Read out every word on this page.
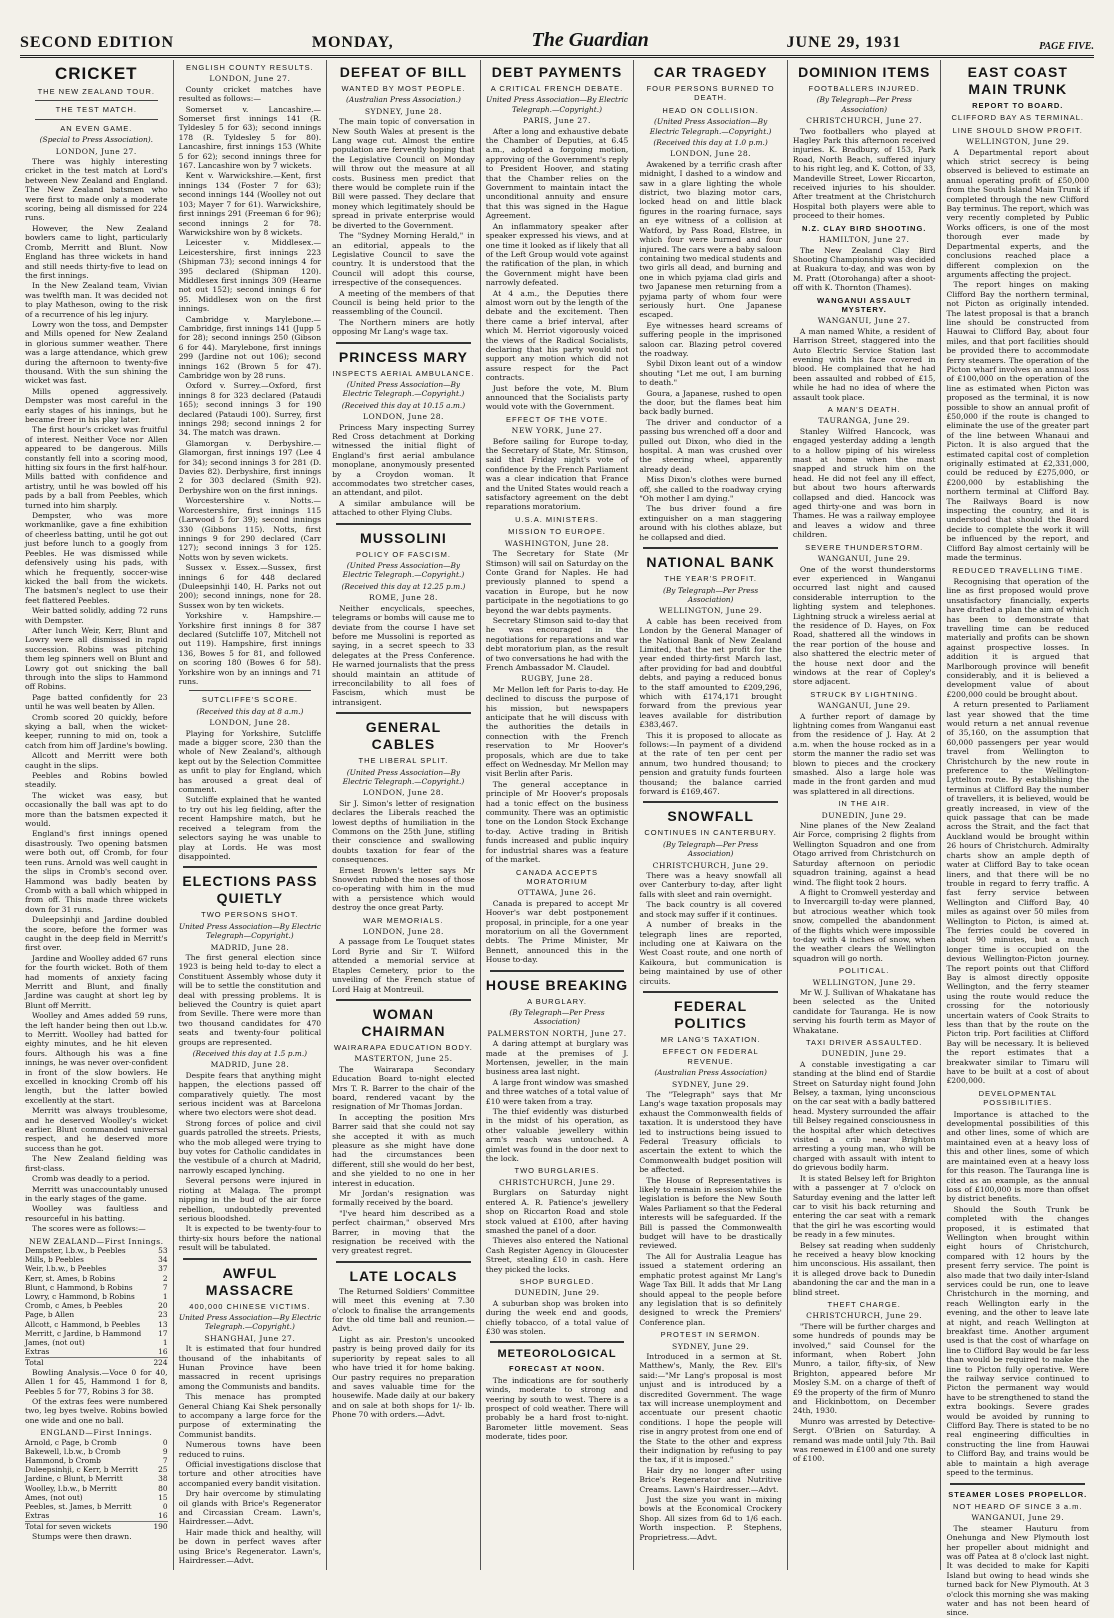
SECOND EDITION	MONDAY,	The Guardian	JUNE 29, 1931	PAGE FIVE.
CRICKET
THE NEW ZEALAND TOUR.
THE TEST MATCH.
AN EVEN GAME.
(Special to Press Association).
LONDON, June 27.

There was highly interesting cricket in the test match at Lord's between New Zealand and England. The New Zealand batsmen who were first to made only a moderate scoring, being all dismissed for 224 runs.

However, the New Zealand bowlers came to light, particularly Cromb, Merritt and Blunt. Now England has three wickets in hand and still needs thirty-five to lead on the first innings.

In the New Zealand team, Vivian was twelfth man. It was decided not to play Matheson, owing to the risk of a recurrence of his leg injury.

Lowry won the toss, and Dempster and Mills opened for New Zealand in glorious summer weather. There was a large attendance, which grew during the afternoon to twenty-five thousand. With the sun shining the wicket was fast.

Mills opened aggressively. Dempster was most careful in the early stages of his innings, but he became freer in his play later.

The first hour's cricket was fruitful of interest. Neither Voce nor Allen appeared to be dangerous. Mills constantly fell into a scoring mood, hitting six fours in the first half-hour. Mills batted with confidence and artistry, until he was bowled off his pads by a ball from Peebles, which turned into him sharply.

Dempster, who was more workmanlike, gave a fine exhibition of cheerless batting, until he got out just before lunch to a googly from Peebles. He was dismissed while defensively using his pads, with which he frequently, soccer-wise kicked the ball from the wickets. The batsmen's neglect to use their feet flattered Peebles.

Weir batted solidly, adding 72 runs with Dempster.

After lunch Weir, Kerr, Blunt and Lowry were all dismissed in rapid succession. Robins was pitching them leg spinners well on Blunt and Lowry got out snicking the ball through into the slips to Hammond off Robins.

Page batted confidently for 23 until he was well beaten by Allen.

Cromb scored 20 quickly, before skying a ball, when the wicket-keeper, running to mid on, took a catch from him off Jardine's bowling.

Allcott and Merritt were both caught in the slips.

Peebles and Robins bowled steadily.

The wicket was easy, but occasionally the ball was apt to do more than the batsmen expected it would.

England's first innings opened disastrously. Two opening batsmen were both out, off Cromb, for four teen runs. Arnold was well caught in the slips in Cromb's second over. Hammond was badly beaten by Cromb with a ball which whipped in from off. This made three wickets down for 31 runs.

Duleepsinhji and Jardine doubled the score, before the former was caught in the deep field in Merritt's first over.

Jardine and Woolley added 67 runs for the fourth wicket. Both of them had moments of anxiety facing Merritt and Blunt, and finally Jardine was caught at short leg by Blunt off Merritt.

Woolley and Ames added 59 runs, the left hander being then out l.b.w. to Merritt. Woolley had batted for eighty minutes, and he hit eleven fours. Although his was a fine innings, he was never over-confident in front of the slow bowlers. He excelled in knocking Cromb off his length, but the latter bowled excellently at the start.

Merritt was always troublesome, and he deserved Woolley's wicket earlier. Blunt commanded universal respect, and he deserved more success than he got.

The New Zealand fielding was first-class.

Cromb was deadly to a period.

Merritt was unaccountably unused in the early stages of the game.

Woolley was faultless and resourceful in his batting.

The scores were as follows:—

NEW ZEALAND—First Innings.
Dempster, l.b.w., b Peebles	53
Mills, b Peebles	34
Weir, l.b.w., b Peebles	37
Kerr, st. Ames, b Robins	2
Blunt, c Hammond, b Robins	7
Lowry, c Hammond, b Robins	1
Cromb, c Ames, b Peebles	20
Page, b Allen	23
Allcott, c Hammond, b Peebles 13
Merritt, c Jardine, b Hammond 17
James, (not out)	1
Extras	16
Total	224

Bowling Analysis.—Voce 0 for 40, Allen 1 for 45, Hammond 1 for 8, Peebles 5 for 77, Robins 3 for 38.

Of the extras fees were numbered two, leg byes twelve. Robins bowled one wide and one no ball.

ENGLAND—First Innings.
Arnold, c Page, b Cromb	0
Bakewell, l.b.w., b Cromb	9
Hammond, b Cromb	7
Duleepsinhji, c Kerr, b Merritt	25
Jardine, c Blunt, b Merritt	38
Woolley, l.b.w., b Merritt	80
Ames, (not out)	15
Peebles, st. James, b Merritt	0
Extras	16
Total for seven wickets	190

Stumps were then drawn.

ENGLISH COUNTY RESULTS.
LONDON, June 27.

County cricket matches have resulted as follows:—

Somerset v. Lancashire.—Somerset first innings 141 (R. Tyldesley 5 for 63); second innings 178 (R. Tyldesley 5 for 80). Lancashire, first innings 153 (White 5 for 62); second innings three for 167. Lancashire won by 7 wickets.

Kent v. Warwickshire.—Kent, first innings 134 (Foster 7 for 63); second innings 144 (Woolley not out 103; Mayer 7 for 61). Warwickshire, first innings 291 (Freeman 6 for 96); second innings 2 for 78. Warwickshire won by 8 wickets.

Leicester v. Middlesex.—Leicestershire, first innings 223 (Shipman 73); second innings 4 for 395 declared (Shipman 120). Middlesex first innings 309 (Hearne not out 152); second innings 6 for 95. Middlesex won on the first innings.

Cambridge v. Marylebone.—Cambridge, first innings 141 (Jupp 5 for 28); second innings 250 (Gibson 6 for 44). Marylebone, first innings 299 (Jardine not out 106); second innings 162 (Brown 5 for 47). Cambridge won by 28 runs.

Oxford v. Surrey.—Oxford, first innings 8 for 323 declared (Pataudi 165); second innings 3 for 190 declared (Pataudi 100). Surrey, first innings 298; second innings 2 for 34. The match was drawn.

Glamorgan v. Derbyshire.—Glamorgan, first innings 197 (Lee 4 for 34); second innings 3 for 281 (D. Davies 82). Derbyshire, first innings 2 for 303 declared (Smith 92). Derbyshire won on the first innings.

Worcestershire v. Notts.—Worcestershire, first innings 115 (Larwood 5 for 39); second innings 330 (Gibbons 115). Notts, first innings 9 for 290 declared (Carr 127); second innings 3 for 125. Notts won by seven wickets.

Sussex v. Essex.—Sussex, first innings 6 for 448 declared (Duleepsinhji 140, H. Parks not out 200); second innings, none for 28. Sussex won by ten wickets.

Yorkshire v. Hampshire.—Yorkshire first innings 8 for 387 declared (Sutcliffe 107, Mitchell not out 119). Hampshire, first innings 136, Bowes 5 for 81, and followed on scoring 180 (Bowes 6 for 58). Yorkshire won by an innings and 71 runs.

SUTCLIFFE'S SCORE.
(Received this day at 8 a.m.)
LONDON, June 28.

Playing for Yorkshire, Sutcliffe made a bigger score, 230 than the whole of New Zealand's, although kept out by the Selection Committee as unfit to play for England, which has aroused a great deal of comment.

Sutcliffe explained that he wanted to try out his leg fielding, after the recent Hampshire match, but he received a telegram from the selectors saying he was unable to play at Lords. He was most disappointed.

ELECTIONS PASS QUIETLY
TWO PERSONS SHOT.
United Press Association—By Electric Telegraph—Copyright.)
MADRID, June 28.

The first general election since 1923 is being held to-day to elect a Constituent Assembly whose duty it will be to settle the constitution and deal with pressing problems. It is believed the Country is quiet apart from Seville. There were more than two thousand candidates for 470 seats and twenty-four political groups are represented.

(Received this day at 1.5 p.m.)
MADRID, June 28.

Despite fears that anything might happen, the elections passed off comparatively quietly. The most serious incident was at Barcelona where two electors were shot dead.

Strong forces of police and civil guards patrolled the streets. Priests, who the mob alleged were trying to buy votes for Catholic candidates in the vestibule of a church at Madrid, narrowly escaped lynching.

Several persons were injured in rioting at Malaga. The prompt nipping in the bud of the air force rebellion, undoubtedly prevented serious bloodshed.

It is expected to be twenty-four to thirty-six hours before the national result will be tabulated.

AWFUL MASSACRE
400,000 CHINESE VICTIMS.
United Press Association—By Electric Telegraph.—Copyright.)
SHANGHAI, June 27.

It is estimated that four hundred thousand of the inhabitants of Hunan Province have been massacred in recent uprisings among the Communists and bandits.

This menace has prompted General Chiang Kai Shek personally to accompany a large force for the purpose of exterminating the Communist bandits.

Numerous towns have been reduced to ruins.

Official investigations disclose that torture and other atrocities have accompanied every bandit visitation.

Dry hair overcome by stimulating oil glands with Brice's Regenerator and Circassian Cream. Lawn's, Hairdresser.—Advt.

Hair made thick and healthy, will be down in perfect waves after using Brice's Regenerator. Lawn's, Hairdresser.—Advt.

DEFEAT OF BILL
WANTED BY MOST PEOPLE.
(Australian Press Association.)
SYDNEY, June 28.

The main topic of conversation in New South Wales at present is the Lang wage cut. Almost the entire population are fervently hoping that the Legislative Council on Monday will throw out the measure at all costs. Business men predict that there would be complete ruin if the Bill were passed. They declare that money which legitimately should be spread in private enterprise would be diverted to the Government.

The "Sydney Morning Herald," in an editorial, appeals to the Legislative Council to save the country. It is understood that the Council will adopt this course, irrespective of the consequences.

A meeting of the members of that Council is being held prior to the reassembling of the Council.

The Northern miners are hotly opposing Mr Lang's wage tax.

PRINCESS MARY
INSPECTS AERIAL AMBULANCE.
(United Press Association—By Electric Telegraph.—Copyright.)
(Received this day at 10.15 a.m.)
LONDON, June 28.

Princess Mary inspecting Surrey Red Cross detachment at Dorking witnessed the initial flight of England's first aerial ambulance monoplane, anonymously presented by a Croydon woman. It accommodates two stretcher cases, an attendant, and pilot.

A similar ambulance will be attached to other Flying Clubs.

MUSSOLINI
POLICY OF FASCISM.
(United Press Association—By Electric Telegraph.—Copyright.)
(Received this day at 12.25 p.m.)
ROME, June 28.

Neither encyclicals, speeches, telegrams or bombs will cause me to deviate from the course I have set before me Mussolini is reported as saying, in a secret speech to 33 delegates at the Press Conference. He warned journalists that the press should maintain an attitude of irreconcilability to all foes of Fascism, which must be intransigent.

GENERAL CABLES
THE LIBERAL SPLIT.
(United Press Association—By Electric Telegraph.—Copyright.)
LONDON, June 28.

Sir J. Simon's letter of resignation declares the Liberals reached the lowest depths of humiliation in the Commons on the 25th June, stifling their conscience and swallowing doubts taxation for fear of the consequences.

Ernest Brown's letter says Mr Snowden rubbed the noses of those co-operating with him in the mud with a persistence which would destroy the once great Party.

WAR MEMORIALS.
LONDON, June 28.

A passage from Le Touquet states Lord Byrie and Sir T. Wilford attended a memorial service at Etaples Cemetery, prior to the unveiling of the French statue of Lord Haig at Montreuil.

WOMAN CHAIRMAN
WAIRARAPA EDUCATION BODY.
MASTERTON, June 25.

The Wairarapa Secondary Education Board to-night elected Mrs T. R. Barrer to the chair of the board, rendered vacant by the resignation of Mr Thomas Jordan.

In accepting the position Mrs Barrer said that she could not say she accepted it with as much pleasure as she might have done had the circumstances been different, still she would do her best, and she yielded to no one in her interest in education.

Mr Jordan's resignation was formally received by the board.

"I've heard him described as a perfect chairman," observed Mrs Barrer, in moving that the resignation be received with the very greatest regret.

LATE LOCALS

The Returned Soldiers' Committee will meet this evening at 7.30 o'clock to finalise the arrangements for the old time ball and reunion.—Advt.

Light as air. Preston's uncooked pastry is being proved daily for its superiority by repeat sales to all who have tried it for home baking. Our pastry requires no preparation and saves valuable time for the housewife. Made daily at our bakery and on sale at both shops for 1/- lb. Phone 70 with orders.—Advt.

DEBT PAYMENTS
A CRITICAL FRENCH DEBATE.
United Press Association—By Electric Telegraph.—Copyright.)
PARIS, June 27.

After a long and exhaustive debate the Chamber of Deputies, at 6.45 a.m., adopted a forgoing motion, approving of the Government's reply to President Hoover, and stating that the Chamber relies on the Government to maintain intact the unconditional annuity and ensure that this was signed in the Hague Agreement.

An inflammatory speaker after speaker expressed his views, and at one time it looked as if likely that all of the Left Group would vote against the ratification of the plan, in which the Government might have been narrowly defeated.

At 4 a.m., the Deputies there almost worn out by the length of the debate and the excitement. Then there came a brief interval, after which M. Herriot vigorously voiced the views of the Radical Socialists, declaring that his party would not support any motion which did not assure respect for the Pact contracts.

Just before the vote, M. Blum announced that the Socialists party would vote with the Government.

EFFECT OF THE VOTE.
NEW YORK, June 27.

Before sailing for Europe to-day, the Secretary of State, Mr. Stimson, said that Friday night's vote of confidence by the French Parliament was a clear indication that France and the United States would reach a satisfactory agreement on the debt reparations moratorium.

U.S.A. MINISTERS.
MISSION TO EUROPE.
WASHINGTON, June 28.

The Secretary for State (Mr Stimson) will sail on Saturday on the Conte Grand for Naples. He had previously planned to spend a vacation in Europe, but he now participate in the negotiations to go beyond the war debts payments.

Secretary Stimson said to-day that he was encouraged in the negotiations for reparations and war debt moratorium plan, as the result of two conversations he had with the French Ambassador M. Claudel.

RUGBY, June 28.

Mr Mellon left for Paris to-day. He declined to discuss the purpose of his mission, but newspapers anticipate that he will discuss with the authorities the details in connection with the French reservation to Mr Hoover's proposals, which are due to take effect on Wednesday. Mr Mellon may visit Berlin after Paris.

The general acceptance in principle of Mr Hoover's proposals had a tonic effect on the business community. There was an optimistic tone on the London Stock Exchange to-day. Active trading in British funds increased and public inquiry for industrial shares was a feature of the market.

CANADA ACCEPTS MORATORIUM
OTTAWA, June 26.

Canada is prepared to accept Mr Hoover's war debt postponement proposal, in principle, for a one year moratorium on all the Government debts. The Prime Minister, Mr Bennett, announced this in the House to-day.

HOUSE BREAKING
A BURGLARY.
(By Telegraph—Per Press Association)
PALMERSTON NORTH, June 27.

A daring attempt at burglary was made at the premises of J. Mortensen, jeweller, in the main business area last night.

A large front window was smashed and three watches of a total value of £10 were taken from a tray.

The thief evidently was disturbed in the midst of his operation, as other valuable jewellery within arm's reach was untouched. A gimlet was found in the door next to the lock.

TWO BURGLARIES.
CHRISTCHURCH, June 29.

Burglars on Saturday night entered A. R. Patience's jewellery shop on Riccarton Road and stole stock valued at £100, after having smashed the panel of a door.

Thieves also entered the National Cash Register Agency in Gloucester Street, stealing £10 in cash. Here they picked the locks.

SHOP BURGLED.
DUNEDIN, June 29.

A suburban shop was broken into during the week end and goods, chiefly tobacco, of a total value of £30 was stolen.

METEOROLOGICAL
FORECAST AT NOON.

The indications are for southerly winds, moderate to strong and veering by south to west. There is a prospect of cold weather. There will probably be a hard frost to-night. Barometer little movement. Seas moderate, tides poor.

CAR TRAGEDY
FOUR PERSONS BURNED TO DEATH.
HEAD ON COLLISION.
(United Press Association—By Electric Telegraph.—Copyright.)
(Received this day at 1.0 p.m.)
LONDON, June 28.

Awakened by a terrific crash after midnight, I dashed to a window and saw in a glare lighting the whole district, two blazing motor cars, locked head on and little black figures in the roaring furnace, says an eye witness of a collision at Watford, by Pass Road, Elstree, in which four were burned and four injured. The cars were a baby saloon containing two medical students and two girls all dead, and burning and one in which pyjama clad girls and two Japanese men returning from a pyjama party of whom four were seriously hurt. One Japanese escaped.

Eye witnesses heard screams of suffering people in the imprisoned saloon car. Blazing petrol covered the roadway.

Sybil Dixon leant out of a window shouting "Let me out, I am burning to death."

Goura, a Japanese, rushed to open the door, but the flames beat him back badly burned.

The driver and conductor of a passing bus wrenched off a door and pulled out Dixon, who died in the hospital. A man was crushed over the steering wheel, apparently already dead.

Miss Dixon's clothes were burned off, she called to the roadway crying "Oh mother I am dying."

The bus driver found a fire extinguisher on a man staggering around with his clothes ablaze, but he collapsed and died.

NATIONAL BANK
THE YEAR'S PROFIT.
(By Telegraph—Per Press Association)
WELLINGTON, June 29.

A cable has been received from London by the General Manager of the National Bank of New Zealand Limited, that the net profit for the year ended thirty-first March last, after providing for bad and doubtful debts, and paying a reduced bonus to the staff amounted to £209,296, which with £174,171 brought forward from the previous year leaves available for distribution £383,467.

This it is proposed to allocate as follows:—In payment of a dividend at the rate of ten per cent per annum, two hundred thousand; to pension and gratuity funds fourteen thousand; the balance carried forward is £169,467.

SNOWFALL
CONTINUES IN CANTERBURY.
(By Telegraph—Per Press Association)
CHRISTCHURCH, June 29.

There was a heavy snowfall all over Canterbury to-day, after light falls with sleet and rain overnight.

The back country is all covered and stock may suffer if it continues.

A number of breaks in the telegraph lines are reported, including one at Kaiwara on the West Coast route, and one north of Kaikoura, but communication is being maintained by use of other circuits.

FEDERAL POLITICS
MR LANG'S TAXATION.
EFFECT ON FEDERAL REVENUE.
(Australian Press Association)
SYDNEY, June 29.

The "Telegraph" says that Mr Lang's wage taxation proposals may exhaust the Commonwealth fields of taxation. It is understood they have led to instructions being issued to Federal Treasury officials to ascertain the extent to which the Commonwealth budget position will be affected.

The House of Representatives is likely to remain in session while the legislation is before the New South Wales Parliament so that the Federal interests will be safeguarded. If the Bill is passed the Commonwealth budget will have to be drastically reviewed.

The All for Australia League has issued a statement ordering an emphatic protest against Mr Lang's Wage Tax Bill. It adds that Mr Lang should appeal to the people before any legislation that is so definitely designed to wreck the Premiers' Conference plan.

PROTEST IN SERMON.
SYDNEY, June 29.

Introduced in a sermon at St. Matthew's, Manly, the Rev. Ell's said:—"Mr Lang's proposal is most unjust and is introduced by a discredited Government. The wage tax will increase unemployment and accentuate our present chaotic conditions. I hope the people will rise in angry protest from one end of the State to the other and express their indignation by refusing to pay the tax, if it is imposed."

Hair dry no longer after using Brice's Regenerator and Nutritive Creams. Lawn's Hairdresser.—Advt.

Just the size you want in mixing bowls at the Economical Crockery Shop. All sizes from 6d to 1/6 each. Worth inspection. P. Stephens, Proprietress.—Advt.

DOMINION ITEMS
FOOTBALLERS INJURED.
(By Telegraph—Per Press Association)
CHRISTCHURCH, June 27.

Two footballers who played at Hagley Park this afternoon received injuries. K. Bradbury, of 153, Park Road, North Beach, suffered injury to his right leg, and K. Cotton, of 33, Mandeville Street, Lower Riccarton, received injuries to his shoulder. After treatment at the Christchurch Hospital both players were able to proceed to their homes.

N.Z. CLAY BIRD SHOOTING.
HAMILTON, June 27.

The New Zealand Clay Bird Shooting Championship was decided at Ruakura to-day, and was won by M. Pratt (Otorohanga) after a shoot-off with K. Thornton (Thames).

WANGANUI ASSAULT MYSTERY.
WANGANUI, June 27.

A man named White, a resident of Harrison Street, staggered into the Auto Electric Service Station last evening with his face covered in blood. He complained that he had been assaulted and robbed of £15, while he had no idea of where the assault took place.

A MAN'S DEATH.
TAURANGA, June 29.

Stanley Wilfred Hancock, was engaged yesterday adding a length to a hollow piping of his wireless mast at home when the mast snapped and struck him on the head. He did not feel any ill effect, but about two hours afterwards collapsed and died. Hancock was aged thirty-one and was born in Thames. He was a railway employee and leaves a widow and three children.

SEVERE THUNDERSTORM.
WANGANUI, June 29.

One of the worst thunderstorms ever experienced in Wanganui occurred last night and caused considerable interruption to the lighting system and telephones. Lightning struck a wireless aerial at the residence of D. Hayes, on Fox Road, shattered all the windows in the rear portion of the house and also shattered the electric meter of the house next door and the windows at the rear of Copley's store adjacent.

STRUCK BY LIGHTNING.
WANGANUI, June 29.

A further report of damage by lightning comes from Wanganui east from the residence of J. Hay. At 2 a.m. when the house rocked as in a storm the manner the radio set was blown to pieces and the crockery smashed. Also a large hole was made in the front garden and mud was splattered in all directions.

IN THE AIR.
DUNEDIN, June 29.

Nine planes of the New Zealand Air Force, comprising 2 flights from Wellington Squadron and one from Otago arrived from Christchurch on Saturday afternoon on periodic squadron training, against a head wind. The flight took 2 hours.

A flight to Cromwell yesterday and to Invercargill to-day were planned, but atrocious weather which took snow, compelled the abandonment of the flights which were impossible to-day with 4 inches of snow, when the weather clears the Wellington squadron will go north.

POLITICAL.
WELLINGTON, June 29.

Mr W. J. Sullivan of Whakatane has been selected as the United candidate for Tauranga. He is now serving his fourth term as Mayor of Whakatane.

TAXI DRIVER ASSAULTED.
DUNEDIN, June 29.

A constable investigating a car standing at the blind end of Stardie Street on Saturday night found John Belsey, a taxman, lying unconscious on the car seat with a badly battered head. Mystery surrounded the affair till Belsey regained consciousness in the hospital after which detectives visited a crib near Brighton arresting a young man, who will be charged with assault with intent to do grievous bodily harm.

It is stated Belsey left for Brighton with a passenger at 7 o'clock on Saturday evening and the latter left car to visit his back returning and entering the car seat with a remark that the girl he was escorting would be ready in a few minutes.

Belsey sat reading when suddenly he received a heavy blow knocking him unconscious. His assailant, then it is alleged drove back to Dunedin abandoning the car and the man in a blind street.

THEFT CHARGE.
CHRISTCHURCH, June 29.

"There will be further charges and some hundreds of pounds may be involved," said Counsel for the informant, when Robert John Munro, a tailor, fifty-six, of New Brighton, appeared before Mr Mosley S.M. on a charge of theft of £9 the property of the firm of Munro and Hickinbottom, on December 24th, 1930.

Munro was arrested by Detective-Sergt. O'Brien on Saturday. A remand was made until July 7th. Bail was renewed in £100 and one surety of £100.

EAST COAST MAIN TRUNK
REPORT TO BOARD.
CLIFFORD BAY AS TERMINAL.
LINE SHOULD SHOW PROFIT.
WELLINGTON, June 29.

A Departmental report about which strict secrecy is being observed is believed to estimate an annual operating profit of £50,000 from the South Island Main Trunk if completed through the new Clifford Bay terminus. The report, which was very recently completed by Public Works officers, is one of the most thorough ever made by Departmental experts, and the conclusions reached place a different complexion on the arguments affecting the project.

The report hinges on making Clifford Bay the northern terminal, not Picton as originally intended. The latest proposal is that a branch line should be constructed from Hauwai to Clifford Bay, about four miles, and that port facilities should be provided there to accommodate ferry steamers. The operation of the Picton wharf involves an annual loss of £100,000 on the operation of the line as estimated when Picton was proposed as the terminal, it is now possible to show an annual profit of £50,000 if the route is changed to eliminate the use of the greater part of the line between Whanaui and Picton. It is also argued that the estimated capital cost of completion originally estimated at £2,331,000, could be reduced by £275,000, or £200,000 by establishing the northern terminal at Clifford Bay. The Railways Board is now inspecting the country, and it is understood that should the Board decide to complete the work it will be influenced by the report, and Clifford Bay almost certainly will be made the terminus.

REDUCED TRAVELLING TIME.

Recognising that operation of the line as first proposed would prove unsatisfactory financially, experts have drafted a plan the aim of which has been to demonstrate that travelling time can be reduced materially and profits can be shown against prospective losses. In addition it is argued that Marlborough province will benefit considerably, and it is believed a development value of about £200,000 could be brought about.

A return presented to Parliament last year showed that the time would return a net annual revenue of 35,160, on the assumption that 60,000 passengers per year would travel from Wellington to Christchurch by the new route in preference to the Wellington-Lyttelton route. By establishing the terminus at Clifford Bay the number of travellers, it is believed, would be greatly increased, in view of the quick passage that can be made across the Strait, and the fact that Auckland would be brought within 26 hours of Christchurch. Admiralty charts show an ample depth of water at Clifford Bay to take ocean liners, and that there will be no trouble in regard to ferry traffic. A fast ferry service between Wellington and Clifford Bay, 40 miles as against over 50 miles from Wellington to Picton, is aimed at. The ferries could be covered in about 90 minutes, but a much longer time is occupied on the devious Wellington-Picton journey. The report points out that Clifford Bay is almost directly opposite Wellington, and the ferry steamer using the route would reduce the crossing for the notoriously uncertain waters of Cook Straits to less than that by the route on the Picton trip. Port facilities at Clifford Bay will be necessary. It is believed the report estimates that a breakwater similar to Timaru will have to be built at a cost of about £200,000.

DEVELOPMENTAL POSSIBILITIES.

Importance is attached to the developmental possibilities of this and other lines, some of which are maintained even at a heavy loss of this and other lines, some of which are maintained even at a heavy loss for this reason. The Tauranga line is cited as an example, as the annual loss of £100,000 is more than offset by district benefits.

Should the South Trunk be completed with the changes proposed, it is estimated that Wellington when brought within eight hours of Christchurch, compared with 12 hours by the present ferry service. The point is also made that two daily inter-Island services could be run, one to leave Christchurch in the morning, and reach Wellington early in the evening, and the other to leave late at night, and reach Wellington at breakfast time. Another argument used is that the cost of wharfage on line to Clifford Bay would be far less than would be required to make the line to Picton fully operative. Were the railway service continued to Picton the permanent way would have to be strengthened to stand the extra bookings. Severe grades would be avoided by running to Clifford Bay. There is stated to be no real engineering difficulties in constructing the line from Hauwai to Clifford Bay, and trains would be able to maintain a high average speed to the terminus.

STEAMER LOSES PROPELLOR.
NOT HEARD OF SINCE 3 a.m.
WANGANUI, June 29.

The steamer Hauturu from Onehunga and New Plymouth lost her propeller about midnight and was off Patea at 8 o'clock last night. It was decided to make for Kapiti Island but owing to head winds she turned back for New Plymouth. At 3 o'clock this morning she was making water and has not been heard of since.
